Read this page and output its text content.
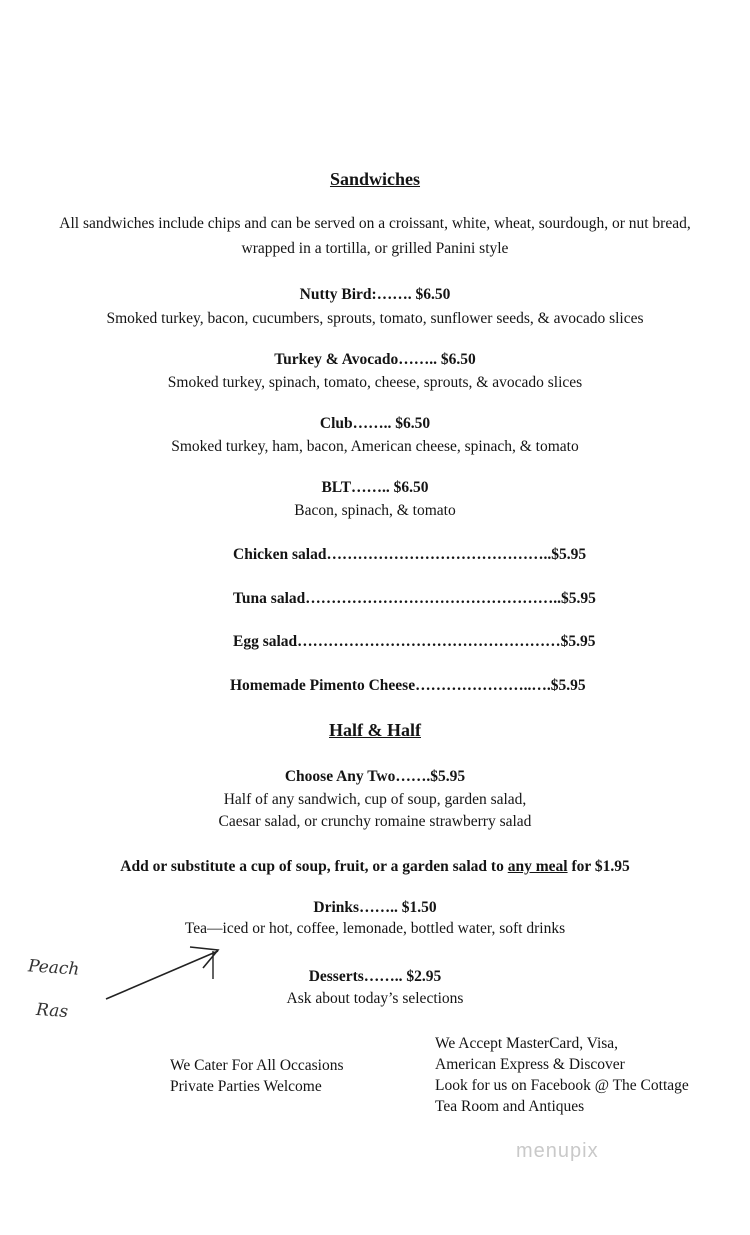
Sandwiches
All sandwiches include chips and can be served on a croissant, white, wheat, sourdough, or nut bread,
wrapped in a tortilla, or grilled Panini style
Nutty Bird:……. $6.50
Smoked turkey, bacon, cucumbers, sprouts, tomato, sunflower seeds, & avocado slices
Turkey & Avocado…….. $6.50
Smoked turkey, spinach, tomato, cheese, sprouts, & avocado slices
Club…….. $6.50
Smoked turkey, ham, bacon, American cheese, spinach, & tomato
BLT…….. $6.50
Bacon, spinach, & tomato
Chicken salad……………………………………..$5.95
Tuna salad…………………………………………..$5.95
Egg salad……………………………………………$5.95
Homemade Pimento Cheese…………………..….$5.95
Half & Half
Choose Any Two…….$5.95
Half of any sandwich, cup of soup, garden salad,
Caesar salad, or crunchy romaine strawberry salad
Add or substitute a cup of soup, fruit, or a garden salad to any meal for $1.95
Drinks…….. $1.50
Tea—iced or hot, coffee, lemonade, bottled water, soft drinks
Peach
Ras
Desserts…….. $2.95
Ask about today’s selections
We Cater For All Occasions
Private Parties Welcome
We Accept MasterCard, Visa,
American Express & Discover
Look for us on Facebook @ The Cottage
Tea Room and Antiques
menupix
